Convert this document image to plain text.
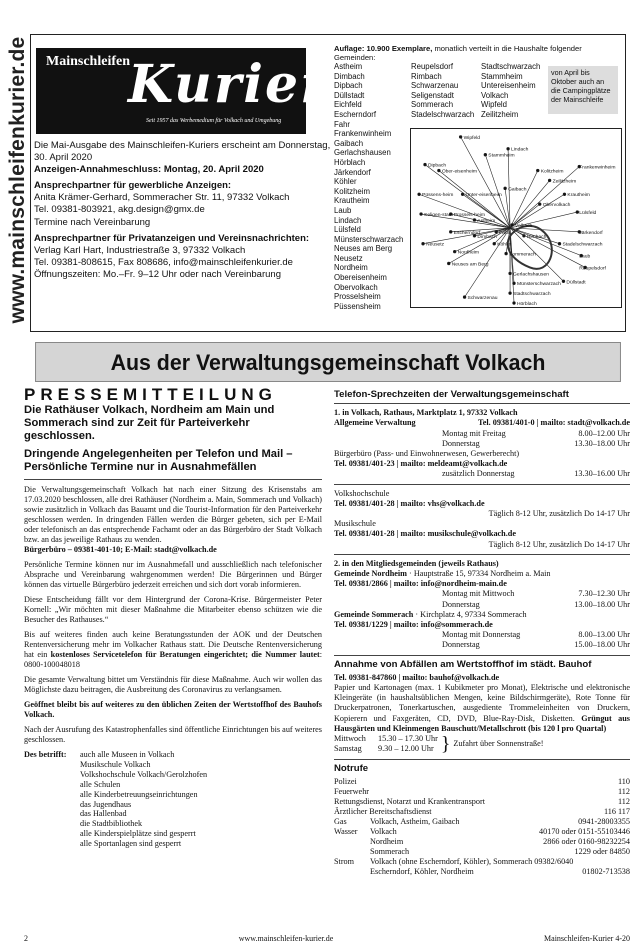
www.mainschleifenkurier.de Mainschleifen
Kurier
Seit 1957 das Werbemedium für Volkach und Umgebung

Die Mai-Ausgabe des Mainschleifen-Kuriers erscheint am Donnerstag, 30. April 2020
Anzeigen-Annahmeschluss: Montag, 20. April 2020

Ansprechpartner für gewerbliche Anzeigen:
Anita Krämer-Gerhard, Sommeracher Str. 11, 97332 Volkach
Tel. 09381-803921, akg.design@gmx.de
Termine nach Vereinbarung

Ansprechpartner für Privatanzeigen und Vereinsnachrichten:
Verlag Karl Hart, Industriestraße 3, 97332 Volkach
Tel. 09381-808615, Fax 808686, info@mainschleifenkurier.de
Öffnungszeiten: Mo.–Fr. 9–12 Uhr oder nach Vereinbarung

Auflage: 10.900 Exemplare, monatlich verteilt in die Haushalte folgender Gemeinden:
Astheim
Dimbach
Dipbach
Düllstadt
Eichfeld
Escherndorf
Fahr
Frankenwinheim
Gaibach
Gerlachshausen
Hörblach
Järkendorf
Köhler
Kolitzheim
Krautheim
Laub
Lindach
Lülsfeld
Münsterschwarzach
Neuses am Berg
Neusetz
Nordheim
Obereisenheim
Obervolkach
Prosselsheim
Püssensheim
Reupelsdorf
Rimbach
Schwarzenau
Seligenstadt
Sommerach
Stadelschwarzach
Stadtschwarzach
Stammheim
Untereisenheim
Volkach
Wipfeld
Zeilitzheim
von April bis Oktober auch an die Campingplätze der Mainschleife
Wipfeld
Lindach
Stammheim
Dipbach
Ober-eisenheim	Kolitzheim
Zeilitzheim
Frankenwinheim
Gaibach
Püssens-heim Unter-eisenheim	Krautheim
Obervolkach
Lülsfeld
Seligen-stadt Prossels-heim
Astheim
Volkach
Escherndorf	Fahr
Dimbach	Rimbach
Järkendorf
Köhler	Stadelschwarzach
Neusetz
Nordheim	Sommerach	Laub
Neuses am Berg
Reupelsdorf
Gerlachshausen
Düllstadt
Münsterschwarzach
Stadtschwarzach
Schwarzenau
Hörblach
Aus der Verwaltungsgemeinschaft Volkach
PRESSEMITTEILUNG
Die Rathäuser Volkach, Nordheim am Main und Sommerach sind zur Zeit für Parteiverkehr geschlossen.
Dringende Angelegenheiten per Telefon und Mail – Persönliche Termine nur in Ausnahmefällen

Die Verwaltungsgemeinschaft Volkach hat nach einer Sitzung des Krisenstabs am 17.03.2020 beschlossen, alle drei Rathäuser (Nordheim a. Main, Sommerach und Volkach) sowie zusätzlich in Volkach das Bauamt und die Tourist-Information für den Parteiverkehr geschlossen werden. In dringenden Fällen werden die Bürger gebeten, sich per E-Mail oder telefonisch an das entsprechende Fachamt oder an das Bürgerbüro der Stadt Volkach bzw. an das jeweilige Rathaus zu wenden.
Bürgerbüro – 09381-401-10; E-Mail: stadt@volkach.de

Persönliche Termine können nur im Ausnahmefall und ausschließlich nach telefonischer Absprache und Vereinbarung wahrgenommen werden! Die Bürgerinnen und Bürger können das virtuelle Bürgerbüro jederzeit erreichen und sich dort vorab informieren.

Diese Entscheidung fällt vor dem Hintergrund der Corona-Krise. Bürgermeister Peter Kornell: „Wir möchten mit dieser Maßnahme die Mitarbeiter ebenso schützen wie die Besucher des Rathauses.“

Bis auf weiteres finden auch keine Beratungsstunden der AOK und der Deutschen Rentenversicherung mehr im Volkacher Rathaus statt. Die Deutsche Rentenversicherung hat ein kostenloses Servicetelefon für Beratungen eingerichtet; die Nummer lautet: 0800-100048018

Die gesamte Verwaltung bittet um Verständnis für diese Maßnahme. Auch wir wollen das Möglichste dazu beitragen, die Ausbreitung des Coronavirus zu verlangsamen.

Geöffnet bleibt bis auf weiteres zu den üblichen Zeiten der Wertstoffhof des Bauhofs Volkach.

Nach der Ausrufung des Katastrophenfalles sind öffentliche Einrichtungen bis auf weiteres geschlossen.

Des betrifft:	auch alle Museen in Volkach
Musikschule Volkach
Volkshochschule Volkach/Gerolzhofen
alle Schulen
alle Kinderbetreuungseinrichtungen
das Jugendhaus
das Hallenbad
die Stadtbibliothek
alle Kinderspielplätze sind gesperrt
alle Sportanlagen sind gesperrt
Telefon-Sprechzeiten der Verwaltungsgemeinschaft
1. in Volkach, Rathaus, Marktplatz 1, 97332 Volkach
Allgemeine Verwaltung	Tel. 09381/401-0 | mailto: stadt@volkach.de
Montag mit Freitag	8.00–12.00 Uhr
Donnerstag	13.30–18.00 Uhr
Bürgerbüro (Pass- und Einwohnerwesen, Gewerberecht)
Tel. 09381/401-23 | mailto: meldeamt@volkach.de
zusätzlich Donnerstag	13.30–16.00 Uhr
Volkshochschule
Tel. 09381/401-28 | mailto: vhs@volkach.de
Täglich 8-12 Uhr, zusätzlich Do 14-17 Uhr
Musikschule
Tel. 09381/401-28 | mailto: musikschule@volkach.de
Täglich 8-12 Uhr, zusätzlich Do 14-17 Uhr
2. in den Mitgliedsgemeinden (jeweils Rathaus)
Gemeinde Nordheim · Hauptstraße 15, 97334 Nordheim a. Main
Tel. 09381/2866 | mailto: info@nordheim-main.de
Montag mit Mittwoch	7.30–12.30 Uhr
Donnerstag	13.00–18.00 Uhr
Gemeinde Sommerach · Kirchplatz 4, 97334 Sommerach
Tel. 09381/1229 | mailto: info@sommerach.de
Montag mit Donnerstag	8.00–13.00 Uhr
Donnerstag	15.00–18.00 Uhr
Annahme von Abfällen am Wertstoffhof im städt. Bauhof
Tel. 09381-847860 | mailto: bauhof@volkach.de
Papier und Kartonagen (max. 1 Kubikmeter pro Monat), Elektrische und elektronische Kleingeräte (in haushaltsüblichen Mengen, keine Bildschirmgeräte), Rote Tonne für Druckerpatronen, Tonerkartuschen, ausgediente Trommeleinheiten von Druckern, Kopierern und Faxgeräten, CD, DVD, Blue-Ray-Disk, Disketten. Grüngut aus Hausgärten und Kleinmengen Bauschutt/Metallschrott (bis 120 l pro Quartal)
Mittwoch 15.30 – 17.30 Uhr
Samstag 9.30 – 12.00 Uhr } Zufahrt über Sonnenstraße!
Notrufe
Polizei	110
Feuerwehr	112
Rettungsdienst, Notarzt und Krankentransport	112
Ärztlicher Bereitschaftsdienst	116 117
Gas	Volkach, Astheim, Gaibach	0941-28003355
Wasser	Volkach	40170 oder 0151-55103446
Nordheim	2866 oder 0160-98232254
Sommerach	1229 oder 84850
Strom	Volkach (ohne Escherndorf, Köhler), Sommerach 09382/6040
Escherndorf, Köhler, Nordheim	01802-713538
2	www.mainschleifen-kurier.de	Mainschleifen-Kurier 4-20
